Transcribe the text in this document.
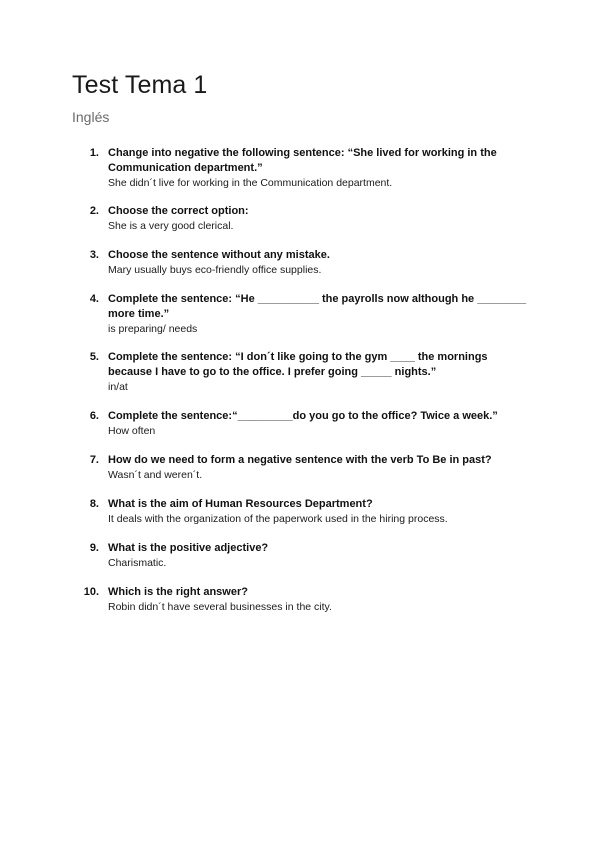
Test Tema 1
Inglés
1. Change into negative the following sentence: “She lived for working in the Communication department.”

She didn´t live for working in the Communication department.

2. Choose the correct option:

She is a very good clerical.

3. Choose the sentence without any mistake.

Mary usually buys eco-friendly office supplies.

4. Complete the sentence: “He __________ the payrolls now although he ________ more time.”

is preparing/ needs

5. Complete the sentence: “I don´t like going to the gym ____ the mornings because I have to go to the office. I prefer going _____ nights.”

in/at

6. Complete the sentence:“_________do you go to the office? Twice a week.”

How often

7. How do we need to form a negative sentence with the verb To Be in past?

Wasn´t and weren´t.

8. What is the aim of Human Resources Department?

It deals with the organization of the paperwork used in the hiring process.

9. What is the positive adjective?

Charismatic.

10. Which is the right answer?

Robin didn´t have several businesses in the city.
